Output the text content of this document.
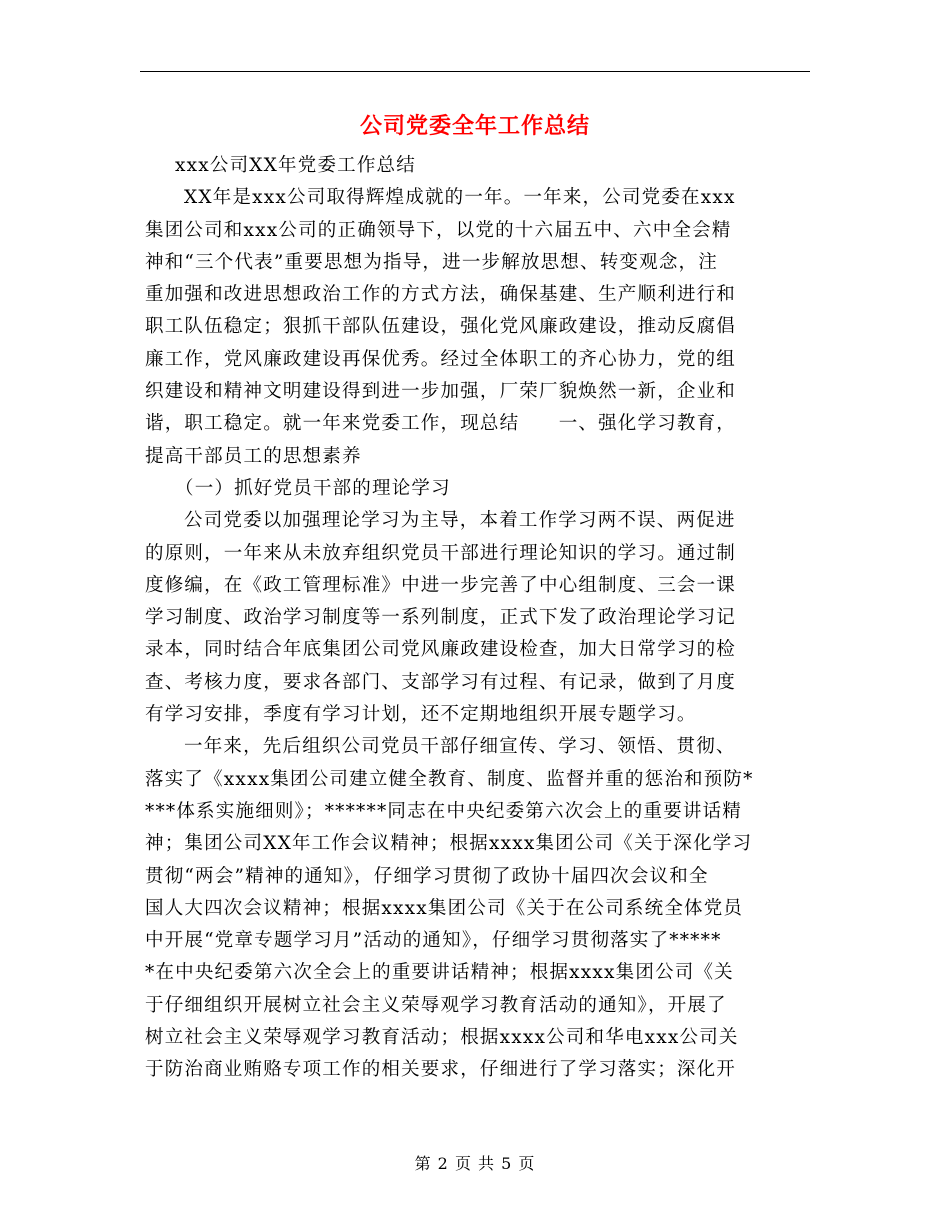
公司党委全年工作总结
xxx公司XX年党委工作总结
XX年是xxx公司取得辉煌成就的一年。一年来，公司党委在xxx
集团公司和xxx公司的正确领导下，以党的十六届五中、六中全会精
神和“三个代表”重要思想为指导，进一步解放思想、转变观念，注
重加强和改进思想政治工作的方式方法，确保基建、生产顺利进行和
职工队伍稳定；狠抓干部队伍建设，强化党风廉政建设，推动反腐倡
廉工作，党风廉政建设再保优秀。经过全体职工的齐心协力，党的组
织建设和精神文明建设得到进一步加强，厂荣厂貌焕然一新，企业和
谐，职工稳定。就一年来党委工作，现总结　　一、强化学习教育，
提高干部员工的思想素养
（一）抓好党员干部的理论学习
公司党委以加强理论学习为主导，本着工作学习两不误、两促进
的原则，一年来从未放弃组织党员干部进行理论知识的学习。通过制
度修编，在《政工管理标准》中进一步完善了中心组制度、三会一课
学习制度、政治学习制度等一系列制度，正式下发了政治理论学习记
录本，同时结合年底集团公司党风廉政建设检查，加大日常学习的检
查、考核力度，要求各部门、支部学习有过程、有记录，做到了月度
有学习安排，季度有学习计划，还不定期地组织开展专题学习。
一年来，先后组织公司党员干部仔细宣传、学习、领悟、贯彻、
落实了《xxxx集团公司建立健全教育、制度、监督并重的惩治和预防*
***体系实施细则》；******同志在中央纪委第六次会上的重要讲话精
神；集团公司XX年工作会议精神；根据xxxx集团公司《关于深化学习
贯彻“两会”精神的通知》，仔细学习贯彻了政协十届四次会议和全
国人大四次会议精神；根据xxxx集团公司《关于在公司系统全体党员
中开展“党章专题学习月”活动的通知》，仔细学习贯彻落实了*****
*在中央纪委第六次全会上的重要讲话精神；根据xxxx集团公司《关
于仔细组织开展树立社会主义荣辱观学习教育活动的通知》，开展了
树立社会主义荣辱观学习教育活动；根据xxxx公司和华电xxx公司关
于防治商业贿赂专项工作的相关要求，仔细进行了学习落实；深化开
第 2 页 共 5 页
